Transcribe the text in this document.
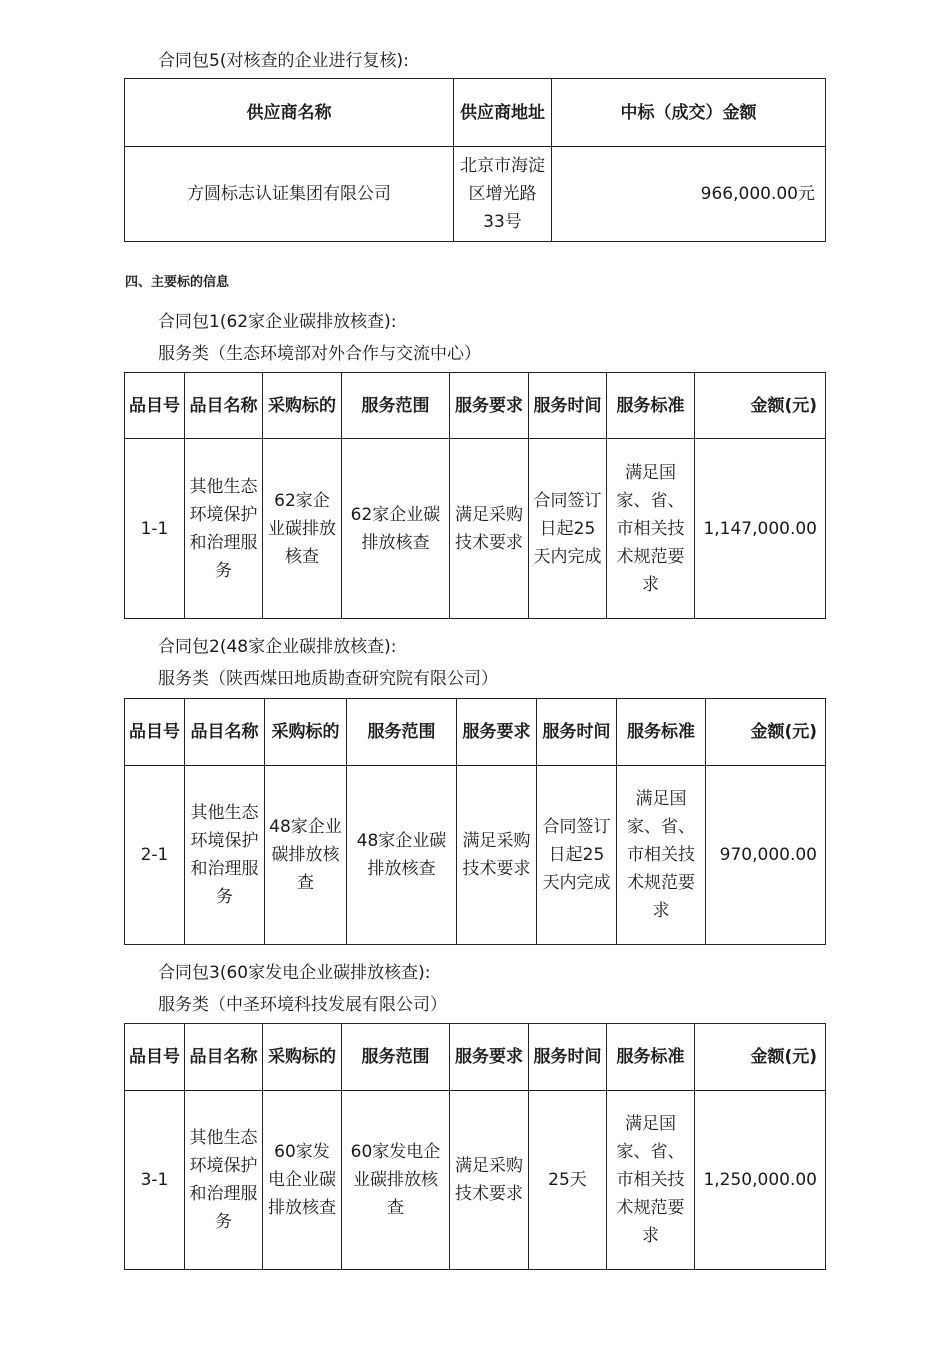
合同包5(对核查的企业进行复核):
供应商名称	供应商地址	中标（成交）金额
方圆标志认证集团有限公司	北京市海淀区增光路33号	966,000.00元
四、主要标的信息
合同包1(62家企业碳排放核查):
服务类（生态环境部对外合作与交流中心）
品目号	品目名称	采购标的	服务范围	服务要求	服务时间	服务标准	金额(元)
1-1	其他生态环境保护和治理服务	62家企业碳排放核查	62家企业碳排放核查	满足采购技术要求	合同签订日起25天内完成	满足国家、省、市相关技术规范要求	1,147,000.00
合同包2(48家企业碳排放核查):
服务类（陕西煤田地质勘查研究院有限公司）
品目号	品目名称	采购标的	服务范围	服务要求	服务时间	服务标准	金额(元)
2-1	其他生态环境保护和治理服务	48家企业碳排放核查	48家企业碳 排放核查	满足采购技术要求	合同签订日起25天内完成	满足国家、省、市相关技术规范要 求	970,000.00
合同包3(60家发电企业碳排放核查):
服务类（中圣环境科技发展有限公司）
品目号	品目名称	采购标的	服务范围	服务要求	服务时间	服务标准	金额(元)
3-1	其他生态环境保护和治理服务	60家发电企业碳排放核查	60家发电企业碳排放核查	满足采购技术要求	25天	满足国家、省、市相关技术规范要 求	1,250,000.00
